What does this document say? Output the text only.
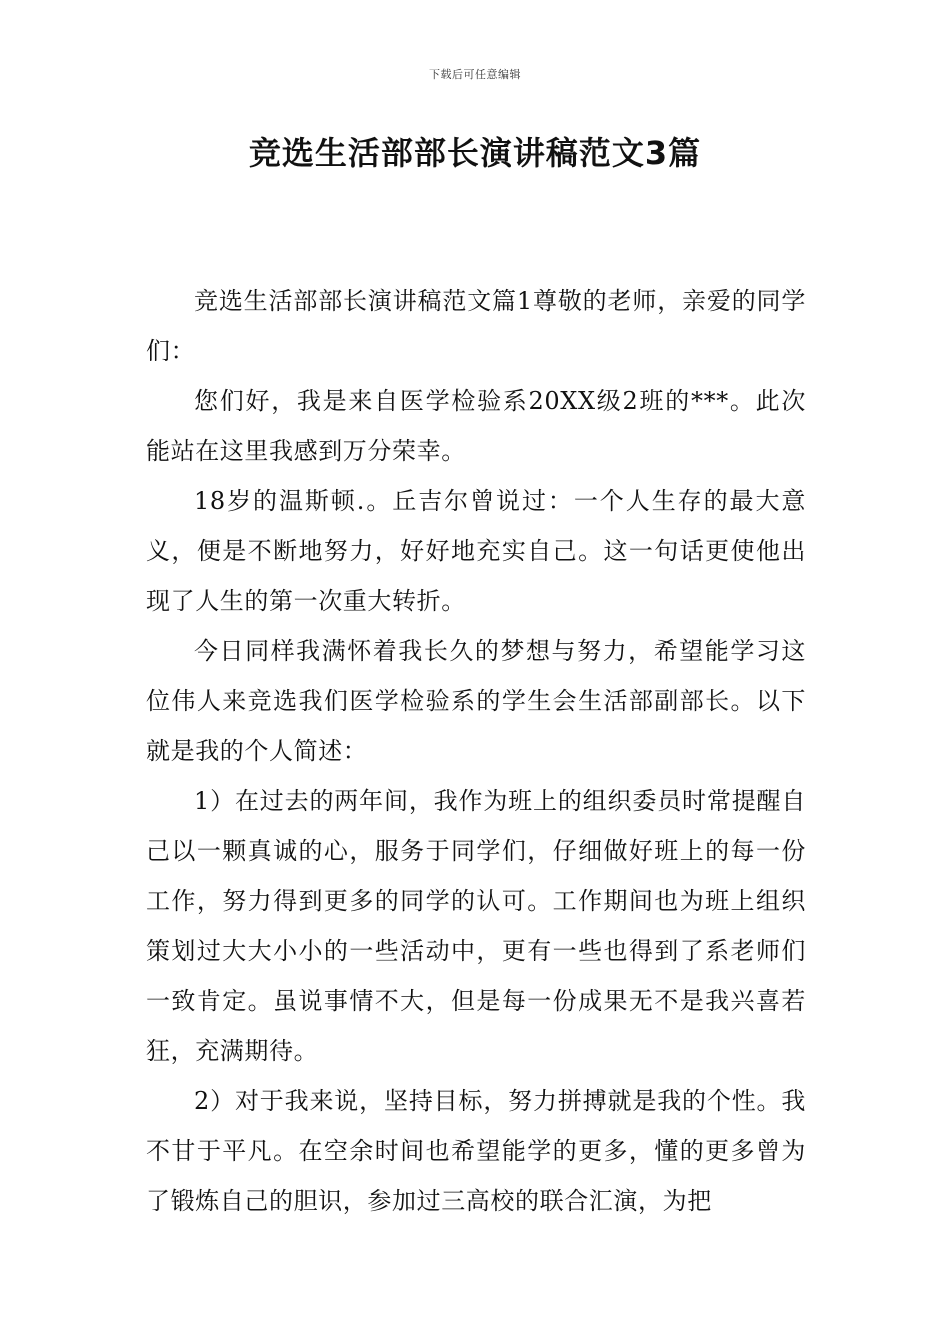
下载后可任意编辑
竞选生活部部长演讲稿范文3篇

竞选生活部部长演讲稿范文篇1尊敬的老师，亲爱的同学们：

您们好，我是来自医学检验系20XX级2班的***。此次能站在这里我感到万分荣幸。

18岁的温斯顿.。丘吉尔曾说过：一个人生存的最大意义，便是不断地努力，好好地充实自己。这一句话更使他出现了人生的第一次重大转折。

今日同样我满怀着我长久的梦想与努力，希望能学习这位伟人来竞选我们医学检验系的学生会生活部副部长。以下就是我的个人简述：

1）在过去的两年间，我作为班上的组织委员时常提醒自己以一颗真诚的心，服务于同学们，仔细做好班上的每一份工作，努力得到更多的同学的认可。工作期间也为班上组织策划过大大小小的一些活动中，更有一些也得到了系老师们一致肯定。虽说事情不大，但是每一份成果无不是我兴喜若狂，充满期待。

2）对于我来说，坚持目标，努力拼搏就是我的个性。我不甘于平凡。在空余时间也希望能学的更多，懂的更多曾为了锻炼自己的胆识，参加过三高校的联合汇演，为把
